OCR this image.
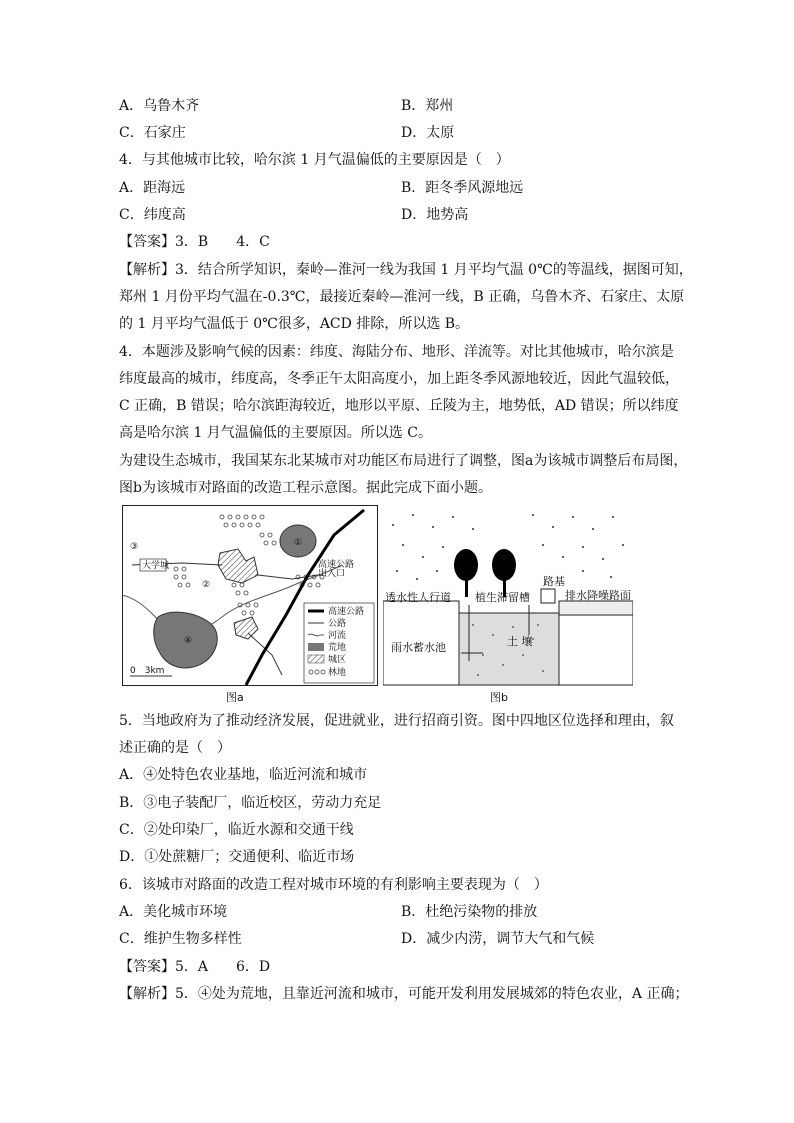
A．乌鲁木齐	B．郑州
C．石家庄	D．太原
4．与其他城市比较，哈尔滨 1 月气温偏低的主要原因是（　）
A．距海远	B．距冬季风源地远
C．纬度高	D．地势高
【答案】3．B　　4．C
【解析】3．结合所学知识，秦岭—淮河一线为我国 1 月平均气温 0℃的等温线，据图可知，
郑州 1 月份平均气温在-0.3℃，最接近秦岭—淮河一线，B 正确，乌鲁木齐、石家庄、太原
的 1 月平均气温低于 0℃很多，ACD 排除，所以选 B。
4．本题涉及影响气候的因素：纬度、海陆分布、地形、洋流等。对比其他城市，哈尔滨是
纬度最高的城市，纬度高，冬季正午太阳高度小，加上距冬季风源地较近，因此气温较低，
C 正确，B 错误；哈尔滨距海较近，地形以平原、丘陵为主，地势低，AD 错误；所以纬度
高是哈尔滨 1 月气温偏低的主要原因。所以选 C。
为建设生态城市，我国某东北某城市对功能区布局进行了调整，图a为该城市调整后布局图，
图b为该城市对路面的改造工程示意图。据此完成下面小题。
①
④
③
大学城
②
高速公路
出入口
0　3km
高速公路
公路
河流
荒地
城区
林地
图a
透水性人行道 植生滞留槽
路基
排水降噪路面
雨水蓄水池	土 壤
图b
5．当地政府为了推动经济发展，促进就业，进行招商引资。图中四地区位选择和理由，叙
述正确的是（　）
A．④处特色农业基地，临近河流和城市
B．③电子装配厂，临近校区，劳动力充足
C．②处印染厂，临近水源和交通干线
D．①处蔗糖厂；交通便利、临近市场
6．该城市对路面的改造工程对城市环境的有利影响主要表现为（　）
A．美化城市环境	B．杜绝污染物的排放
C．维护生物多样性	D．减少内涝，调节大气和气候
【答案】5．A　　6．D
【解析】5．④处为荒地，且靠近河流和城市，可能开发利用发展城郊的特色农业，A 正确；
